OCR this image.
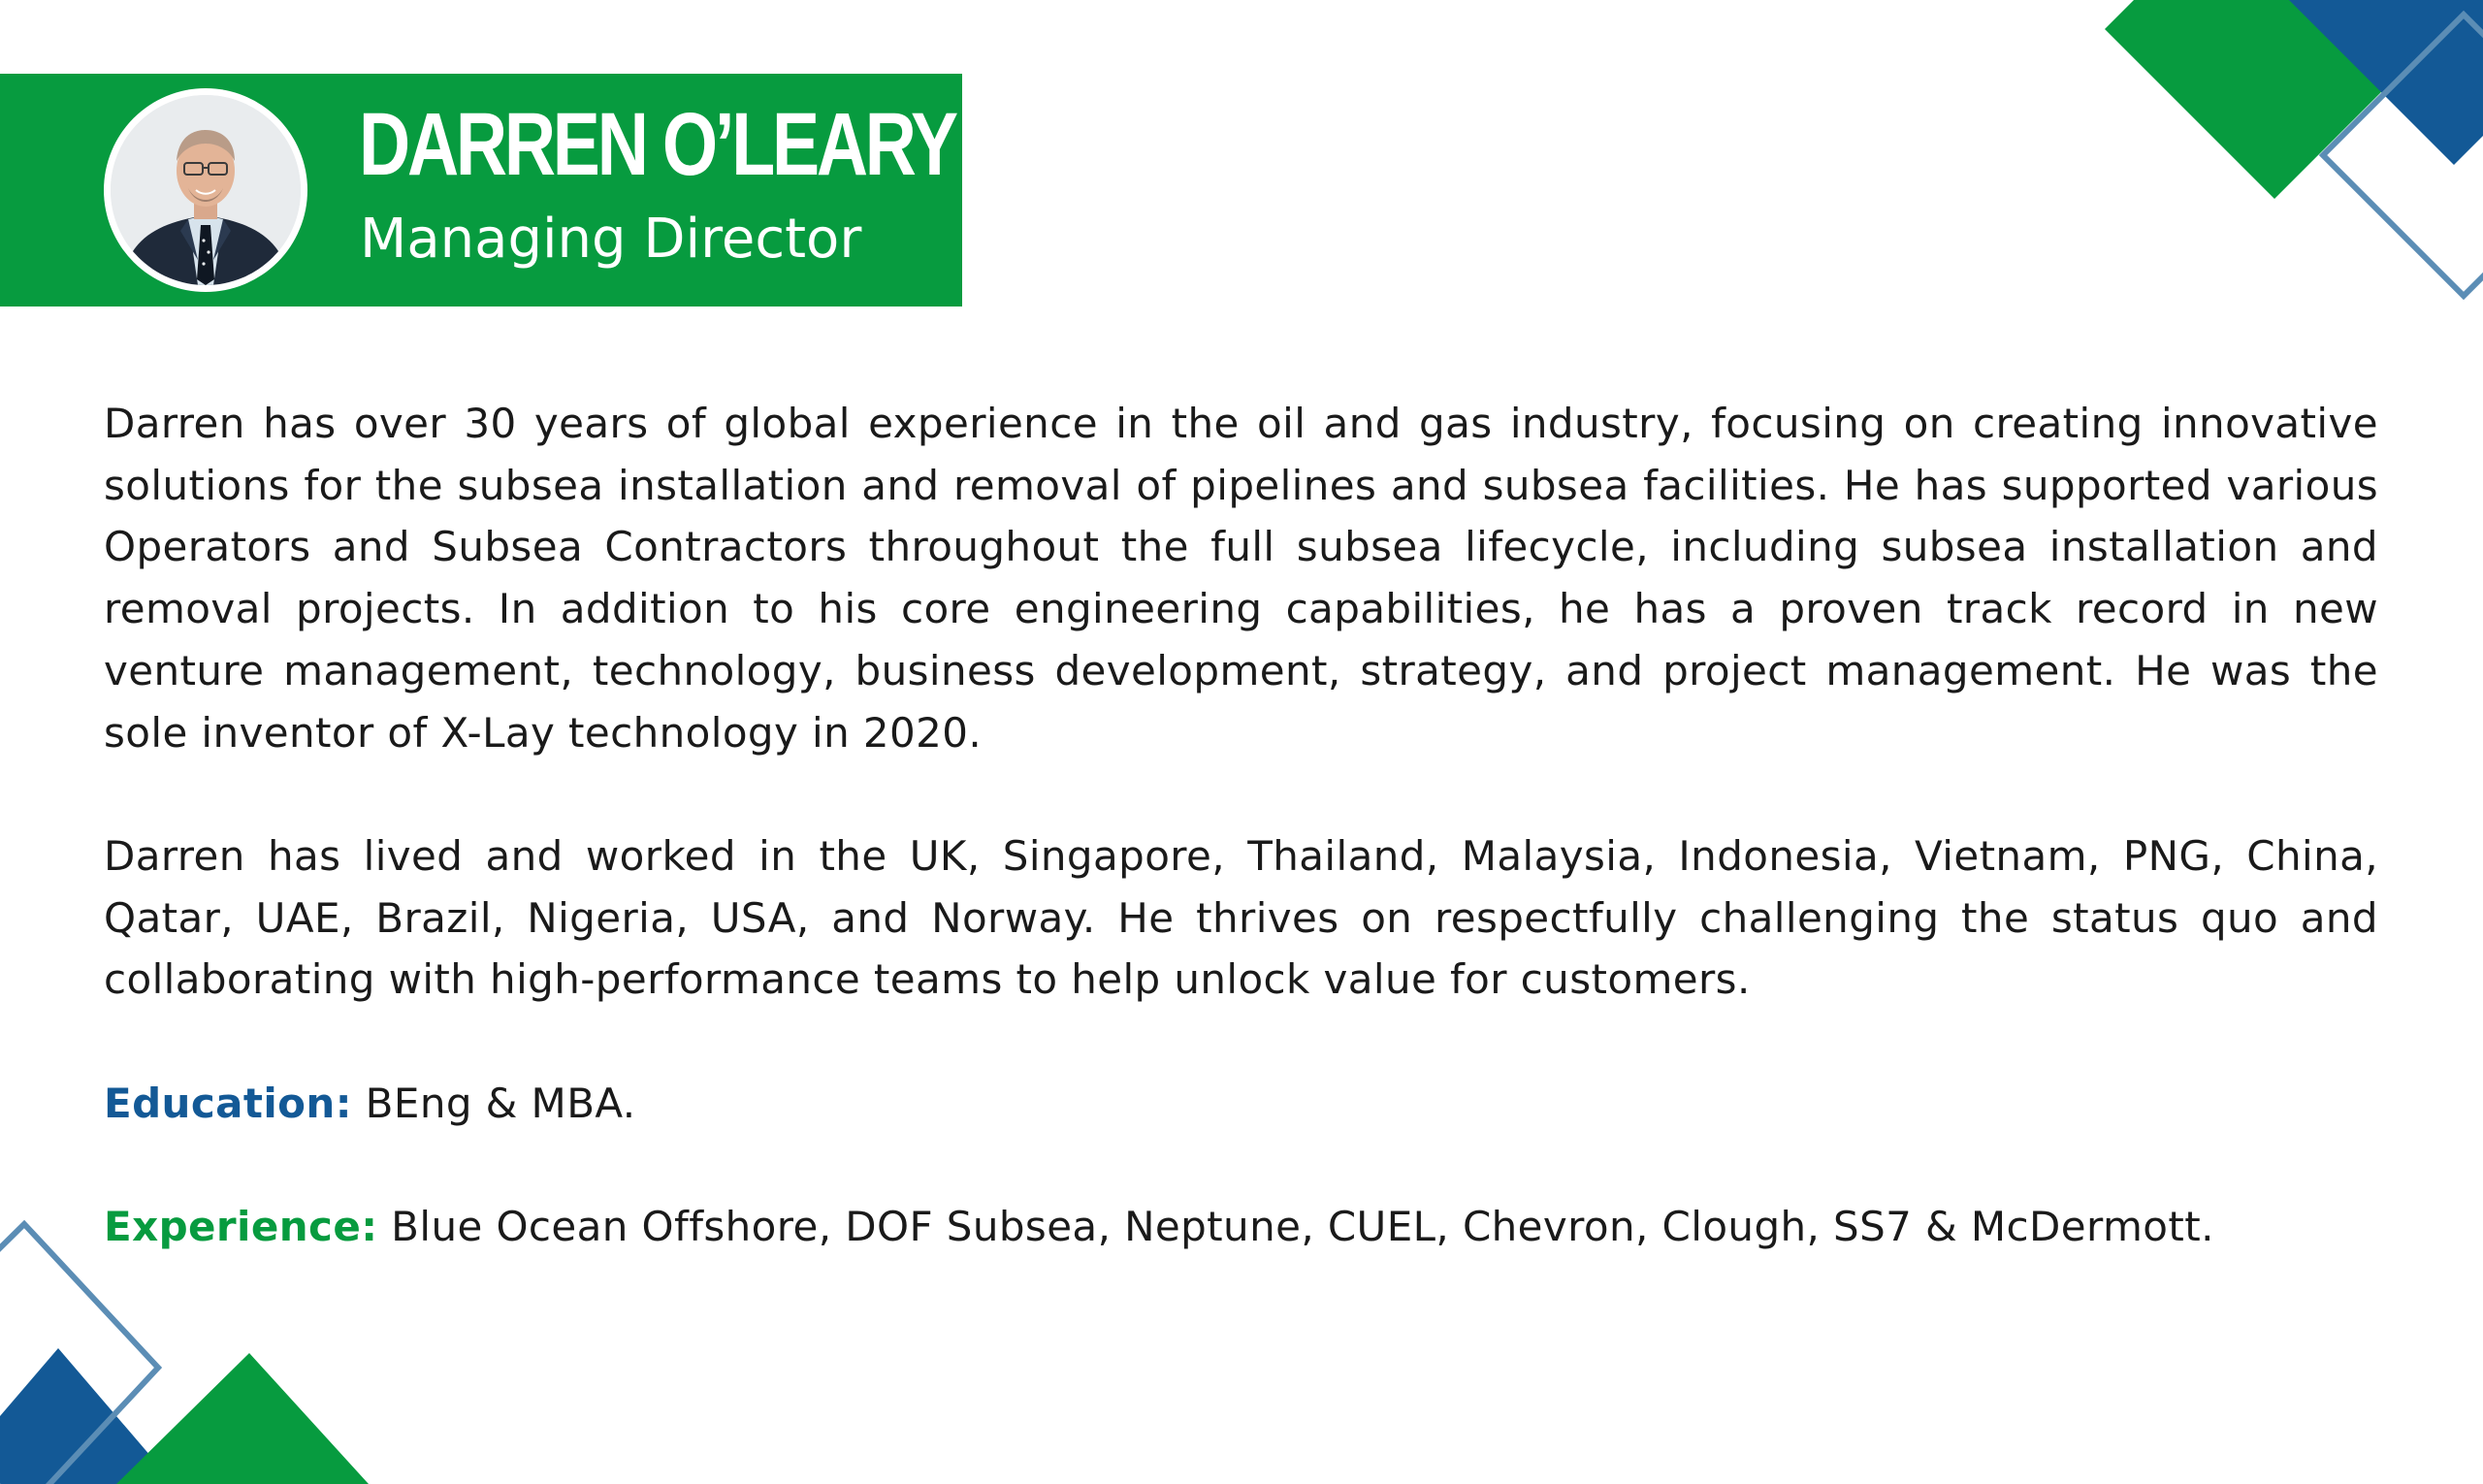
DARREN O’LEARY
Managing Director

Darren has over 30 years of global experience in the oil and gas industry, focusing on creating innovative solutions for the subsea installation and removal of pipelines and subsea facilities. He has supported various Operators and Subsea Contractors throughout the full subsea lifecycle, including subsea installation and removal projects. In addition to his core engineering capabilities, he has a proven track record in new venture management, technology, business development, strategy, and project management. He was the sole inventor of X-Lay technology in 2020.

Darren has lived and worked in the UK, Singapore, Thailand, Malaysia, Indonesia, Vietnam, PNG, China, Qatar, UAE, Brazil, Nigeria, USA, and Norway. He thrives on respectfully challenging the status quo and collaborating with high-performance teams to help unlock value for customers.

Education: BEng & MBA.

Experience: Blue Ocean Offshore, DOF Subsea, Neptune, CUEL, Chevron, Clough, SS7 & McDermott.
